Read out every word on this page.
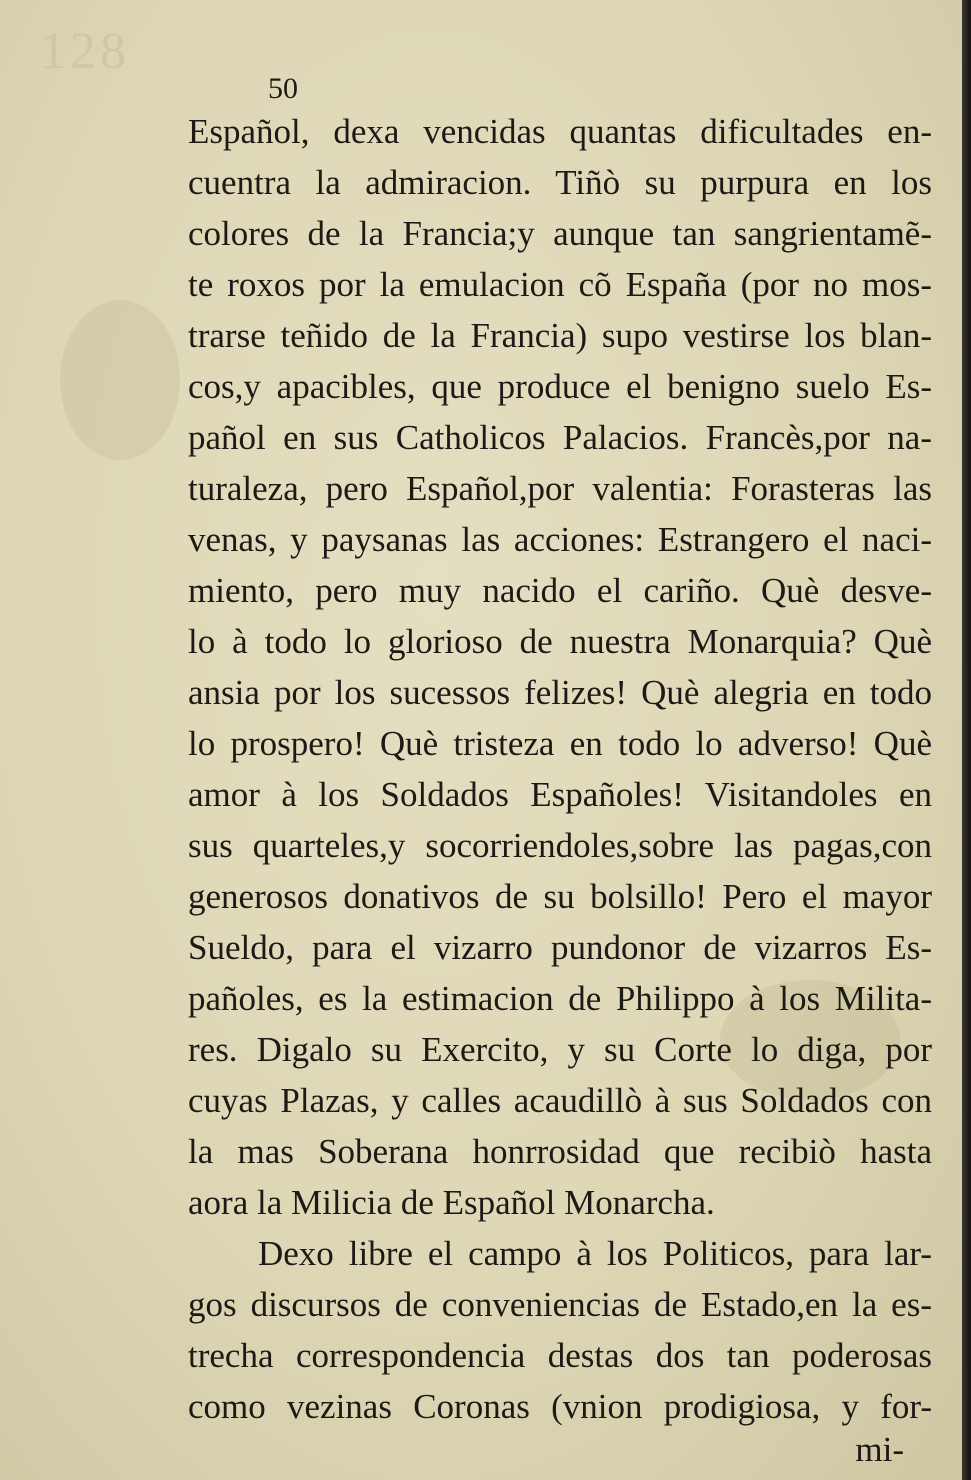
128
50
Español, dexa vencidas quantas dificultades en-
cuentra la admiracion. Tiñò su purpura en los
colores de la Francia;y aunque tan sangrientamẽ-
te roxos por la emulacion cõ España (por no mos-
trarse teñido de la Francia) supo vestirse los blan-
cos,y apacibles, que produce el benigno suelo Es-
pañol en sus Catholicos Palacios. Francès,por na-
turaleza, pero Español,por valentia: Forasteras las
venas, y paysanas las acciones: Estrangero el naci-
miento, pero muy nacido el cariño. Què desve-
lo à todo lo glorioso de nuestra Monarquia? Què
ansia por los sucessos felizes! Què alegria en todo
lo prospero! Què tristeza en todo lo adverso! Què
amor à los Soldados Españoles! Visitandoles en
sus quarteles,y socorriendoles,sobre las pagas,con
generosos donativos de su bolsillo! Pero el mayor
Sueldo, para el vizarro pundonor de vizarros Es-
pañoles, es la estimacion de Philippo à los Milita-
res. Digalo su Exercito, y su Corte lo diga, por
cuyas Plazas, y calles acaudillò à sus Soldados con
la mas Soberana honrrosidad que recibiò hasta
aora la Milicia de Español Monarcha.
Dexo libre el campo à los Politicos, para lar-
gos discursos de conveniencias de Estado,en la es-
trecha correspondencia destas dos tan poderosas
como vezinas Coronas (vnion prodigiosa, y for-
mi-
